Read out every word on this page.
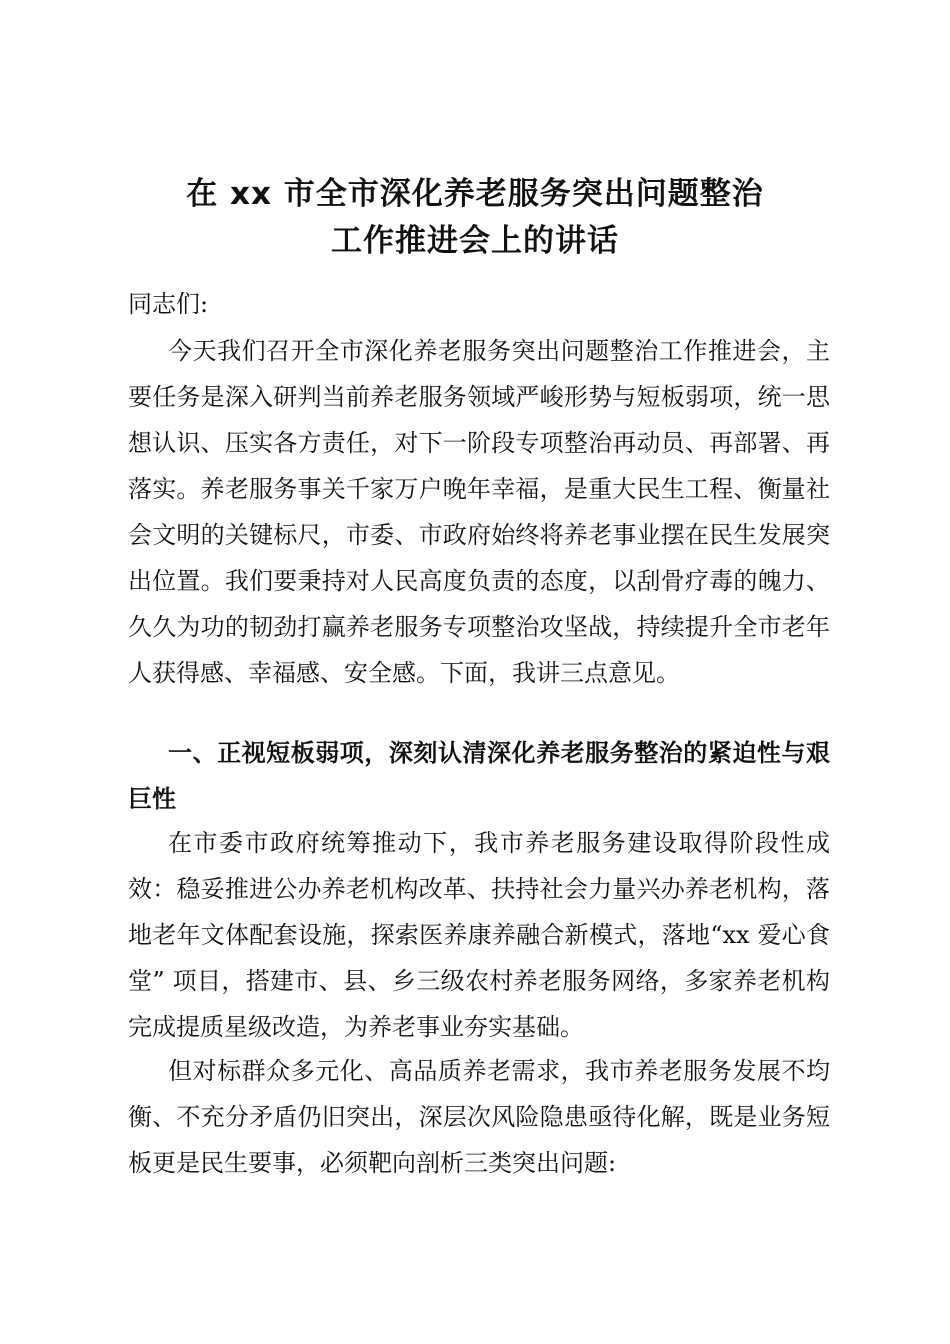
在 xx 市全市深化养老服务突出问题整治
工作推进会上的讲话

同志们:

今天我们召开全市深化养老服务突出问题整治工作推进会，主要任务是深入研判当前养老服务领域严峻形势与短板弱项，统一思想认识、压实各方责任，对下一阶段专项整治再动员、再部署、再落实。养老服务事关千家万户晚年幸福，是重大民生工程、衡量社会文明的关键标尺，市委、市政府始终将养老事业摆在民生发展突出位置。我们要秉持对人民高度负责的态度，以刮骨疗毒的魄力、久久为功的韧劲打赢养老服务专项整治攻坚战，持续提升全市老年人获得感、幸福感、安全感。下面，我讲三点意见。

一、正视短板弱项，深刻认清深化养老服务整治的紧迫性与艰巨性

在市委市政府统筹推动下，我市养老服务建设取得阶段性成效：稳妥推进公办养老机构改革、扶持社会力量兴办养老机构，落地老年文体配套设施，探索医养康养融合新模式，落地“xx 爱心食堂” 项目，搭建市、县、乡三级农村养老服务网络，多家养老机构完成提质星级改造，为养老事业夯实基础。

但对标群众多元化、高品质养老需求，我市养老服务发展不均衡、不充分矛盾仍旧突出，深层次风险隐患亟待化解，既是业务短板更是民生要事，必须靶向剖析三类突出问题:
